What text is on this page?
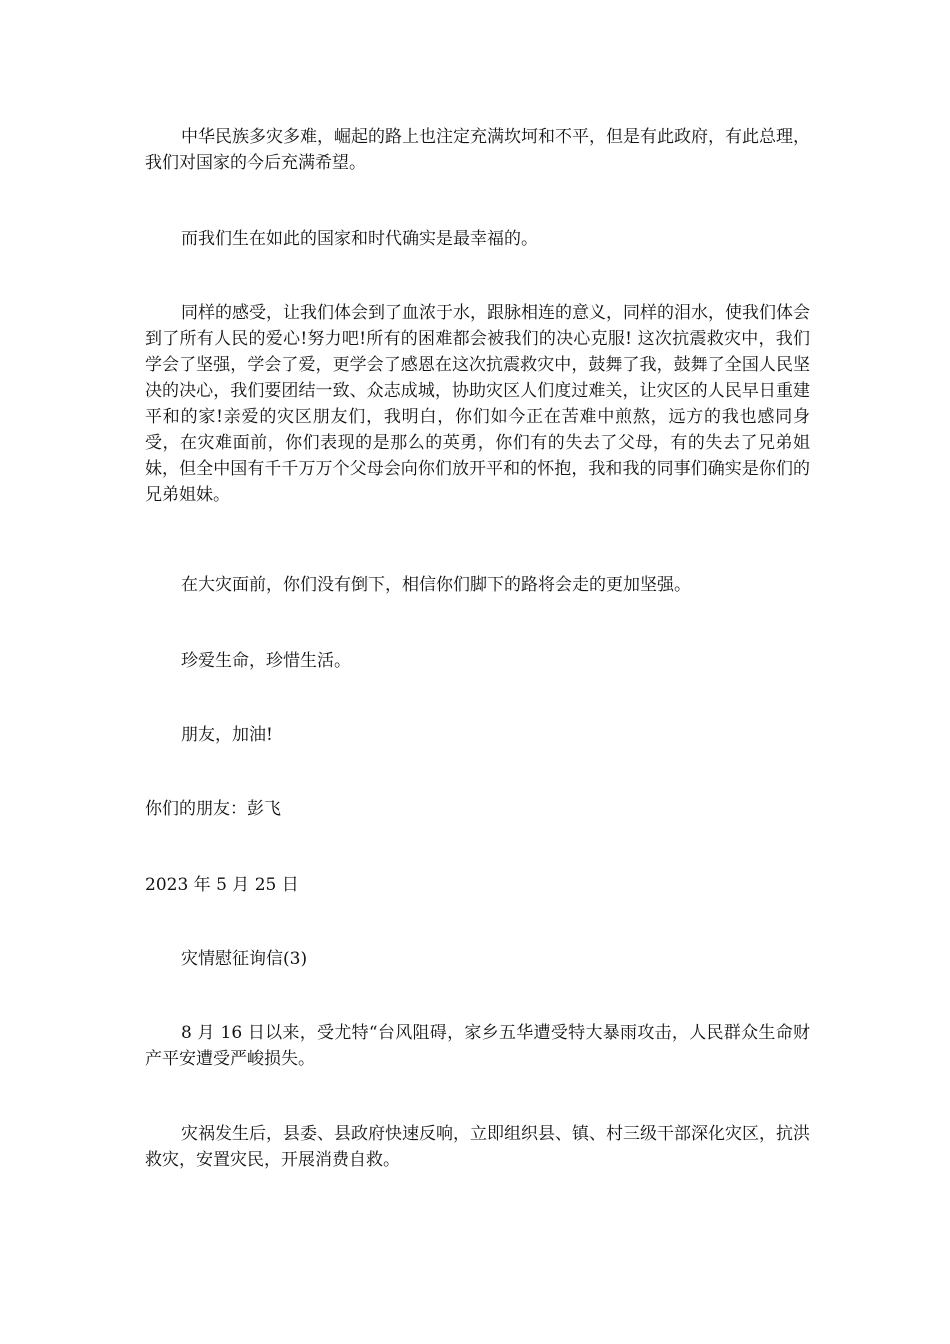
中华民族多灾多难，崛起的路上也注定充满坎坷和不平，但是有此政府，有此总理，我们对国家的今后充满希望。

而我们生在如此的国家和时代确实是最幸福的。

同样的感受，让我们体会到了血浓于水，跟脉相连的意义，同样的泪水，使我们体会到了所有人民的爱心!努力吧!所有的困难都会被我们的决心克服! 这次抗震救灾中，我们学会了坚强，学会了爱，更学会了感恩在这次抗震救灾中，鼓舞了我，鼓舞了全国人民坚决的决心，我们要团结一致、众志成城，协助灾区人们度过难关，让灾区的人民早日重建平和的家!亲爱的灾区朋友们，我明白，你们如今正在苦难中煎熬，远方的我也感同身受，在灾难面前，你们表现的是那么的英勇，你们有的失去了父母，有的失去了兄弟姐妹，但全中国有千千万万个父母会向你们放开平和的怀抱，我和我的同事们确实是你们的兄弟姐妹。

在大灾面前，你们没有倒下，相信你们脚下的路将会走的更加坚强。

珍爱生命，珍惜生活。

朋友，加油!

你们的朋友：彭飞

2023 年 5 月 25 日

灾情慰征询信(3)

8 月 16 日以来，受尤特“台风阻碍，家乡五华遭受特大暴雨攻击，人民群众生命财产平安遭受严峻损失。

灾祸发生后，县委、县政府快速反响，立即组织县、镇、村三级干部深化灾区，抗洪救灾，安置灾民，开展消费自救。
